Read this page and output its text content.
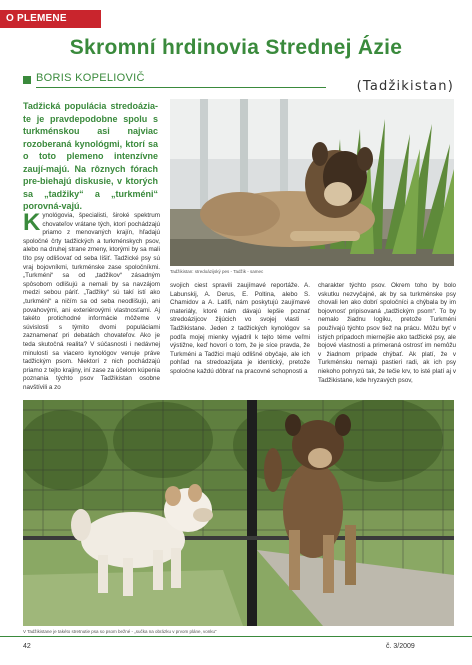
O PLEMENE
Skromní hrdinovia Strednej Ázie
BORIS KOPELIOVIČ
(Tadžikistan)
Tadžická populácia stredoázia-te je pravdepodobne spolu s turkménskou asi najviac rozoberaná kynológmi, ktorí sa o toto plemeno intenzívne zaují-majú. Na rôznych fórach pre-biehajú diskusie, v ktorých sa „tadžiky“ a „turkméni“ porovná-vajú.
Kynológovia, špecialisti, široké spektrum chovateľov vrátane tých, ktorí pochádzajú priamo z menovaných krajín, hľadajú spoločné črty tadžických a turkménskych psov, alebo na druhej strane zmeny, ktorými by sa mali títo psy odlišovať od seba líšiť. Tadžické psy sú vraj bojovníkmi, turkménske zase spoločníkmi. „Turkméni“ sa od „tadžikov“ zásadným spôsobom odlišujú a nemali by sa navzájom medzi sebou páriť. „Tadžiky“ sú takí istí ako „turkméni“ a ničím sa od seba neodlišujú, ani povahovými, ani exteriérovými vlastnosťami. Aj takéto protichodné informácie môžeme v súvislosti s týmito dvomi populáciami zaznamenať pri debatách chovateľov. Ako je teda skutočná realita? V súčasnosti i nedávnej minulosti sa viacero kynológov venuje práve tadžickým psom. Niektorí z nich pochádzajú priamo z tejto krajiny, iní zase za účelom kúpenia poznania týchto psov Tadžikistan osobne navštívili a zo
svojich ciest spravili zaujímavé reportáže. A. Labunskij, A. Derus, E. Poltina, alebo S. Chamidov a A. Latifi, nám poskytujú zaujímavé materiály, ktoré nám dávajú lepšie poznať stredoázijcov žijúcich vo svojej vlasti - Tadžikistane. Jeden z tadžických kynológov sa podľa mojej mienky vyjadril k tejto téme veľmi výstižne, keď hovorí o tom, že je síce pravda, že Turkméni a Tadžici majú odlišné obyčaje, ale ich pohľad na stredoazijata je identický, pretože spoločne každú dôbrať na pracovné schopnosti a
charakter týchto psov. Okrem toho by bolo vskutku nezvyčajné, ak by sa turkménske psy chovali len ako dobrí spoločníci a chýbala by im bojovnosť pripisovaná „tadžickým psom“. To by nemalo žiadnu logiku, pretože Turkméni používajú týchto psov tiež na prácu. Môžu byť v istých prípadoch miernejšie ako tadžické psy, ale bojové vlastnosti a primeraná ostrosť im nemôžu v žiadnom prípade chýbať. Ak platí, že v Turkménsku nemajú pastieri radi, ak ich psy niekoho pohryzú tak, že tečie krv, to isté platí aj v Tadžikistane, kde hryzavých psov,
Tadžikistan: stredoázijský pes - Tadžik - samec
V Tadžikistane je takéto stretnutie psa so psom bežné - „sučka na obrázku v prvom pláne, vonku“
42	č. 3/2009
